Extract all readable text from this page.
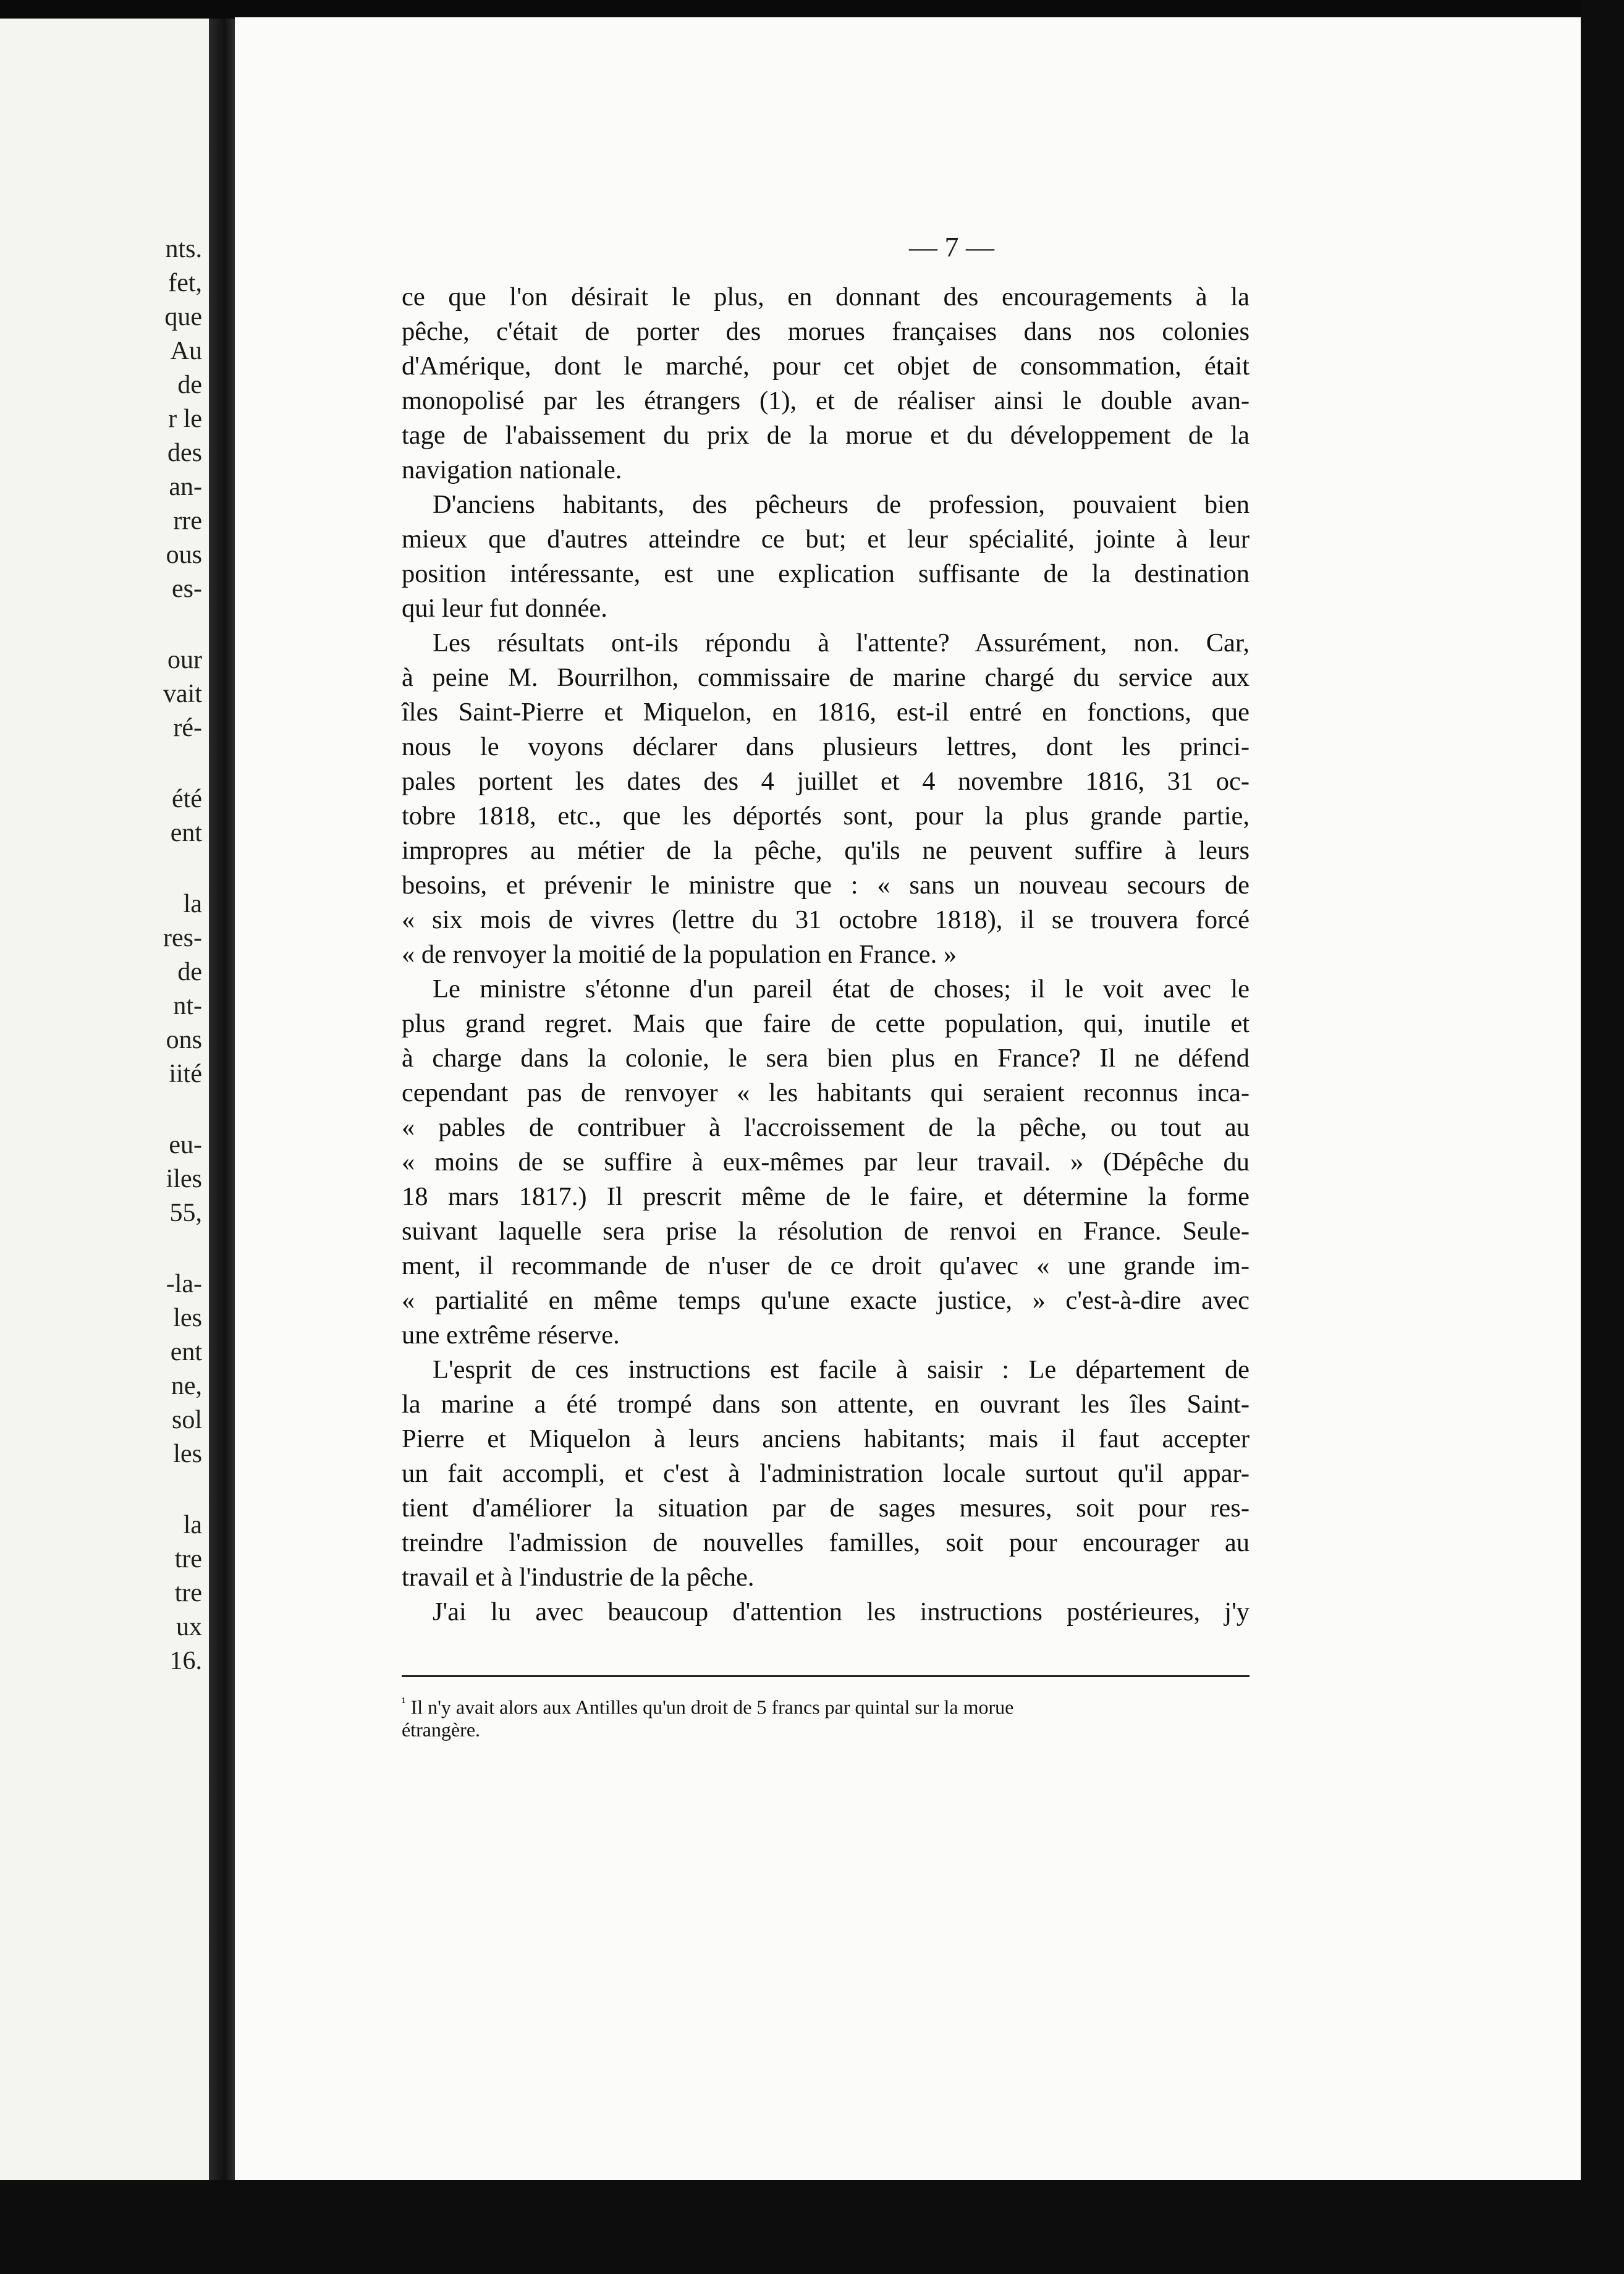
nts.
fet,
que
Au
de
r le
des
an-
rre
ous
es-
our
vait
ré-
été
ent
la
res-
de
nt-
ons
iité
eu-
iles
55,
-la-
les
ent
ne,
sol
les
la
tre
tre
ux
16.
— 7 —
ce que l'on désirait le plus, en donnant des encouragements à la
pêche, c'était de porter des morues françaises dans nos colonies
d'Amérique, dont le marché, pour cet objet de consommation, était
monopolisé par les étrangers (1), et de réaliser ainsi le double avan-
tage de l'abaissement du prix de la morue et du développement de la
navigation nationale.
D'anciens habitants, des pêcheurs de profession, pouvaient bien
mieux que d'autres atteindre ce but; et leur spécialité, jointe à leur
position intéressante, est une explication suffisante de la destination
qui leur fut donnée.
Les résultats ont-ils répondu à l'attente? Assurément, non. Car,
à peine M. Bourrilhon, commissaire de marine chargé du service aux
îles Saint-Pierre et Miquelon, en 1816, est-il entré en fonctions, que
nous le voyons déclarer dans plusieurs lettres, dont les princi-
pales portent les dates des 4 juillet et 4 novembre 1816, 31 oc-
tobre 1818, etc., que les déportés sont, pour la plus grande partie,
impropres au métier de la pêche, qu'ils ne peuvent suffire à leurs
besoins, et prévenir le ministre que : « sans un nouveau secours de
« six mois de vivres (lettre du 31 octobre 1818), il se trouvera forcé
« de renvoyer la moitié de la population en France. »
Le ministre s'étonne d'un pareil état de choses; il le voit avec le
plus grand regret. Mais que faire de cette population, qui, inutile et
à charge dans la colonie, le sera bien plus en France? Il ne défend
cependant pas de renvoyer « les habitants qui seraient reconnus inca-
« pables de contribuer à l'accroissement de la pêche, ou tout au
« moins de se suffire à eux-mêmes par leur travail. » (Dépêche du
18 mars 1817.) Il prescrit même de le faire, et détermine la forme
suivant laquelle sera prise la résolution de renvoi en France. Seule-
ment, il recommande de n'user de ce droit qu'avec « une grande im-
« partialité en même temps qu'une exacte justice, » c'est-à-dire avec
une extrême réserve.
L'esprit de ces instructions est facile à saisir : Le département de
la marine a été trompé dans son attente, en ouvrant les îles Saint-
Pierre et Miquelon à leurs anciens habitants; mais il faut accepter
un fait accompli, et c'est à l'administration locale surtout qu'il appar-
tient d'améliorer la situation par de sages mesures, soit pour res-
treindre l'admission de nouvelles familles, soit pour encourager au
travail et à l'industrie de la pêche.
J'ai lu avec beaucoup d'attention les instructions postérieures, j'y
$^{^1}$ Il n'y avait alors aux Antilles qu'un droit de 5 francs par quintal sur la morue
étrangère.
